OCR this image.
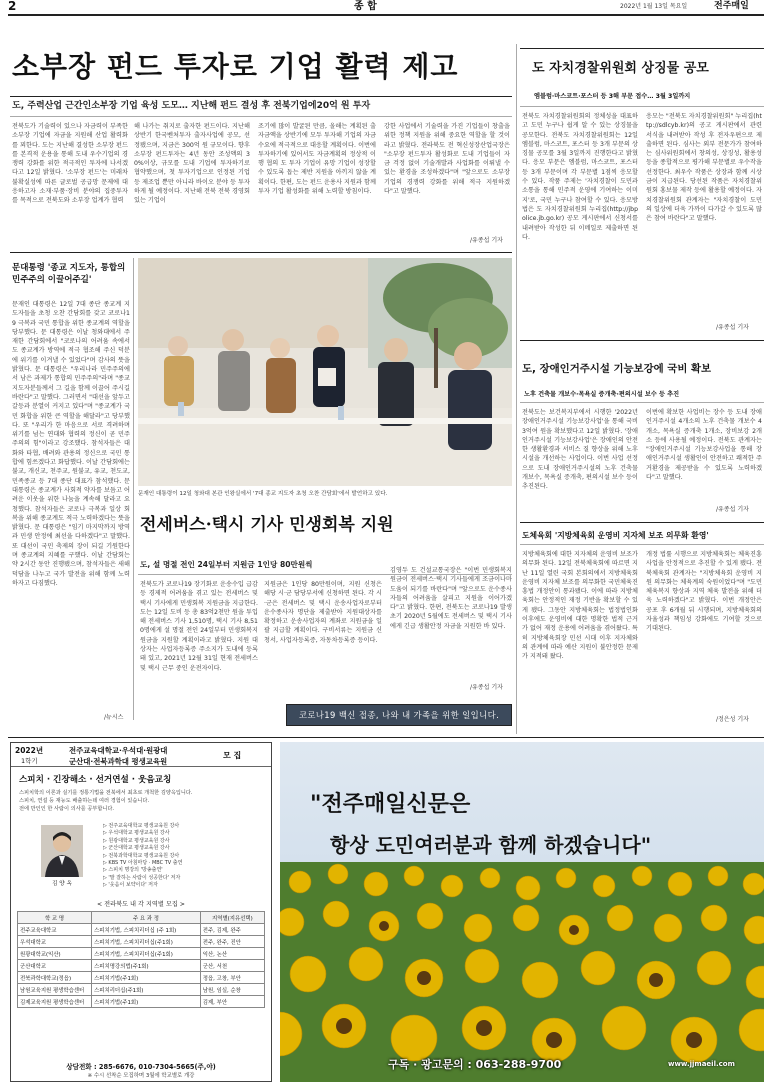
2	종 합	2022년 1월 13일 목요일	전주매일
소부장 펀드 투자로 기업 활력 제고
도, 주력산업 근간인소부장 기업 육성 도모… 지난해 펀드 결성 후 전북기업에20억 원 투자
전북도가 기술력이 있으나 자금력이 부족한 소부장 기업에 자금을 지원해 산업 활력화를 꾀한다. 도는 지난해 결성한 소부장 펀드를 본격적 운용을 통해 도내 우수기업의 경쟁력 강화를 위한 적극적인 투자에 나서겠다고 12일 밝혔다. '소부장 펀드'는 미래차 불확실성에 따른 글로벌 공급망 문제에 대응하고자 소재·부품·장비 분야의 집중투자를 목적으로 전북도와 소부장 업계가 협력
해 나가는 취지로 출자한 펀드이다. 지난해 상반기 한국벤처투자 출자사업에 공모, 선정됐으며, 지금은 300억 원 규모이다. 향후 소부장 펀드투자는 4년 동안 조성액의 30%이상, 규모를 도내 기업에 투자하기로 협약했으며, 첫 투자기업으로 인정된 기업 등 제조업 뿐만 아니라 바이오 분야 등 투자하게 될 예정이다. 지난해 전북 전북 경영회 있는 기업이
조기에 많이 발굴된 만큼, 올해는 계획된 출자금액을 상반기에 모두 투자해 기업의 자금 수요에 적극적으로 대응할 계획이다. 이번에 투자하기에 있어서도 자금계획의 정상적 이행 협의 도 투자 기업이 유망 기업이 성장할 수 있도록 돕는 제반 지원을 아끼지 않을 계획이다. 한편, 도는 펀드 운용사 지원과 함께 투자 기업 활성화를 위해 노력할 방침이다.
강한 사업에서 기술력을 가진 기업들이 창출을 위한 정책 지원을 위해 중요한 역할을 할 것이라고 밝혔다. 전라북도 전 혁신성장산업국장은 "소부장 펀드투자 활성화로 도내 기업들이 자금 걱정 없이 기술개발과 사업화를 이뤄낼 수 있는 환경을 조성하겠다"며 "앞으로도 소부장 기업의 경쟁력 강화를 위해 적극 지원하겠다"고 말했다.
/유종섭 기자
문대통령 '종교 지도자, 통합의 민주주의 이끌어주길'
문재인 대통령은 12일 7대 종단 종교계 지도자들을 초청 오찬 간담회를 갖고 코로나19 극복과 국민 통합을 위한 종교계의 역할을 당부했다. 문 대통령은 이날 청와대에서 주재한 간담회에서 "코로나의 어려움 속에서도 종교계가 방역에 적극 협조해 주신 덕분에 위기를 이겨낼 수 있었다"며 감사의 뜻을 밝혔다. 문 대통령은 "우리나라 민주주의에서 남은 과제가 통합의 민주주의"라며 "종교 지도자분들께서 그 길을 함께 이끌어 주시길 바란다"고 말했다. 그러면서 "대선을 앞두고 갈등과 분열이 커지고 있다"며 "종교계가 국민 화합을 위한 큰 역할을 해달라"고 당부했다. 또 "우리가 한 마음으로 서로 격려하며 위기를 넘는 연대와 협력의 정신이 곧 민주주의의 힘"이라고 강조했다. 참석자들은 대화와 타협, 배려와 관용의 정신으로 국민 통합에 힘쓰겠다고 화답했다. 이날 간담회에는 불교, 개신교, 천주교, 원불교, 유교, 천도교, 민족종교 등 7대 종단 대표가 참석했다. 문 대통령은 종교계가 사회적 약자를 보듬고 어려운 이웃을 위한 나눔을 계속해 달라고 요청했다. 참석자들은 코로나 극복과 일상 회복을 위해 종교계도 적극 노력하겠다는 뜻을 밝혔다. 문 대통령은 "임기 마지막까지 방역과 민생 안정에 최선을 다하겠다"고 말했다. 또 대선이 국민 축제의 장이 되길 기원한다며 종교계의 지혜를 구했다. 이날 간담회는 약 2시간 동안 진행됐으며, 참석자들은 새해 덕담을 나누고 국가 발전을 위해 함께 노력하자고 다짐했다.
/뉴시스
문재인 대통령이 12일 청와대 본관 인왕실에서 '7대 종교 지도자 초청 오찬 간담회'에서 발언하고 있다.
전세버스·택시 기사 민생회복 지원
도, 설 명절 전인 24일부터 지원금 1인당 80만원씩
전북도가 코로나19 장기화로 운송수입 급감 등 경제적 어려움을 겪고 있는 전세버스 및 택시 기사에게 민생회복 지원금을 지급한다. 도는 12일 도비 등 총 83억2천만 원을 투입해 전세버스 기사 1,510명, 택시 기사 8,510명에게 설 명절 전인 24일부터 민생회복지원금을 지원할 계획이라고 밝혔다. 지원 대상자는 사업자등록증 주소지가 도내에 등록돼 있고, 2021년 12월 31일 현재 전세버스 및 택시 근무 중인 운전자이다.
지원금은 1인당 80만원이며, 지원 신청은 해당 시·군 담당부서에 신청하면 된다. 각 시·군은 전세버스 및 택시 운송사업자로부터 운수종사자 명단을 제출받아 지원대상자를 확정하고 운송사업자의 계좌로 지원금을 일괄 지급할 계획이다. 구비서류는 지원금 신청서, 사업자등록증, 자동차등록증 등이다.
김영두 도 건설교통국장은 "이번 민생회복지원금이 전세버스·택시 기사들에게 조금이나마 도움이 되기를 바란다"며 "앞으로도 운수종사자들의 어려움을 살피고 지원을 이어가겠다"고 밝혔다. 한편, 전북도는 코로나19 발생 초기 2020년 5월에도 전세버스 및 택시 기사에게 긴급 생활안정 자금을 지원한 바 있다.
/유종섭 기자
코로나19 백신 접종, 나와 내 가족을 위한 일입니다.
도 자치경찰위원회 상징물 공모
엠블럼·마스코트·포스터 등 3해 부문 접수… 3월 3일까지
전북도 자치경찰위원회의 정체성을 대표하고 도민 누구나 쉽게 알 수 있는 상징물을 공모한다. 전북도 자치경찰위원회는 12일 엠블럼, 마스코트, 포스터 등 3개 부문의 상징물 공모를 3월 3일까지 진행한다고 밝혔다. 응모 부문은 엠블럼, 마스코트, 포스터 등 3개 부문이며 각 부문별 1점씩 응모할 수 있다. 작품 주제는 '자치경찰이 도민과 소통을 통해 민주적 운영에 기여하는 이미지'로, 국민 누구나 참여할 수 있다. 응모방법은 도 자치경찰위원회 누리집(http://jbpolice.jb.go.kr) 공모 게시판에서 신청서를 내려받아 작성한 뒤 이메일로 제출하면 된다.
응모는 "전북도 자치경찰위원회" 누리집(http://sdlcyb.kr)의 공고 게시판에서 관련 서식을 내려받아 작성 후 전자우편으로 제출하면 된다. 심사는 외부 전문가가 참여하는 심사위원회에서 창의성, 상징성, 활용성 등을 종합적으로 평가해 부문별로 우수작을 선정한다. 최우수 작품은 상장과 함께 시상금이 지급된다. 당선된 작품은 자치경찰위원회 홍보물 제작 등에 활용할 예정이다. 자치경찰위원회 관계자는 "자치경찰이 도민의 일상에 더욱 가까이 다가갈 수 있도록 많은 참여 바란다"고 말했다.
/유종섭 기자
도, 장애인거주시설 기능보강에 국비 확보
노후 건축물 개보수·목욕실 증개축·편의시설 보수 등 추진
전북도는 보건복지부에서 시행한 '2022년 장애인거주시설 기능보강사업'을 통해 국비 3억여 원을 확보했다고 12일 밝혔다. '장애인거주시설 기능보강사업'은 장애인의 안전한 생활환경과 서비스 질 향상을 위해 노후 시설을 개선하는 사업이다. 이번 사업 선정으로 도내 장애인거주시설의 노후 건축물 개보수, 목욕실 증개축, 편의시설 보수 등이 추진된다.
이번에 확보한 사업비는 장수 등 도내 장애인거주시설 4개소의 노후 건축물 개보수 4개소, 목욕실 증개축 1개소, 장비보강 2개소 등에 사용될 예정이다. 전북도 관계자는 "장애인거주시설 기능보강사업을 통해 장애인거주시설 생활인이 안전하고 쾌적한 주거환경을 제공받을 수 있도록 노력하겠다"고 말했다.
/유종섭 기자
도체육회 '지방체육회 운영비 지자체 보조 의무화 환영'
지방체육회에 대한 지자체의 운영비 보조가 의무화 된다. 12일 전북체육회에 따르면 지난 11일 열린 국회 본회의에서 지방체육회 운영비 지자체 보조를 의무화한 국민체육진흥법 개정안이 통과됐다. 이에 따라 지방체육회는 안정적인 재정 기반을 확보할 수 있게 됐다. 그동안 지방체육회는 법정법인화 이후에도 운영비에 대한 명확한 법적 근거가 없어 재정 운용에 어려움을 겪어왔다. 특히 지방체육회장 민선 시대 이후 지자체와의 관계에 따라 예산 지원이 불안정한 문제가 지적돼 왔다.
개정 법률 시행으로 지방체육회는 체육진흥 사업을 안정적으로 추진할 수 있게 됐다. 전북체육회 관계자는 "지방체육회 운영비 지원 의무화는 체육계의 숙원이었다"며 "도민 체육복지 향상과 지역 체육 발전을 위해 더욱 노력하겠다"고 밝혔다. 이번 개정안은 공포 후 6개월 뒤 시행되며, 지방체육회의 자율성과 책임성 강화에도 기여할 것으로 기대된다.
/정은성 기자
2022년
1학기
전주교육대학교·우석대·원광대
군산대·전북과학대 평생교육원
모 집
스피치 · 긴장해소 · 선거연설 · 웃음교칭
스피치학의 이론과 실기를 정통기법을 전북에서 최초로 개척한 김양옥입니다.
스피치, 연설 등 재능도 배출하는데 여러 경험이 있습니다.
전에 만인인 한 사람이 의사를 공부합니다.
김 양 옥
▷ 전주교육대학교 평생교육원 강사
▷ 우석대학교 평생교육원 강사
▷ 원광대학교 평생교육원 강사
▷ 군산대학교 평생교육원 강사
▷ 전북과학대학교 평생교육원 강사
▷ KBS TV 아침마당 · MBC TV 출연
▷ 스피치 명강의 '방송출연'
▷ '말 잘하는 사람이 성공한다' 저자
▷ '웃음이 보약이다' 저자
< 전라북도 내 각 지역별 모집 >
학 교 명	주 요 과 정	지역별(지유선택)
전주교육대학교	스피치기법, 스피치리더십 (주 1회)	전주, 김제, 완주
우석대학교	스피치기법, 스피치리더십(주1회)	전주, 완주, 진안
원광대학교(익산)	스피치기법, 스피치리더십(주1회)	익산, 논산
군산대학교	스피치명강의법(주1회)	군산, 서천
전북과학대학교(정읍)	스피치기법(주1회)	정읍, 고창, 부안
남원교육지원 평생학습센터	스피치리더십(주1회)	남원, 임실, 순창
김제교육지원 평생학습센터	스피치기법(주1회)	김제, 부안
상담전화 : 285-6676, 010-7304-5665(주,야)
※ 수시 선착순 모집하며 3월에 학교별로 개강
"전주매일신문은
항상 도민여러분과 함께 하겠습니다"
구독 · 광고문의 : 063-288-9700	www.jjmaeil.com
